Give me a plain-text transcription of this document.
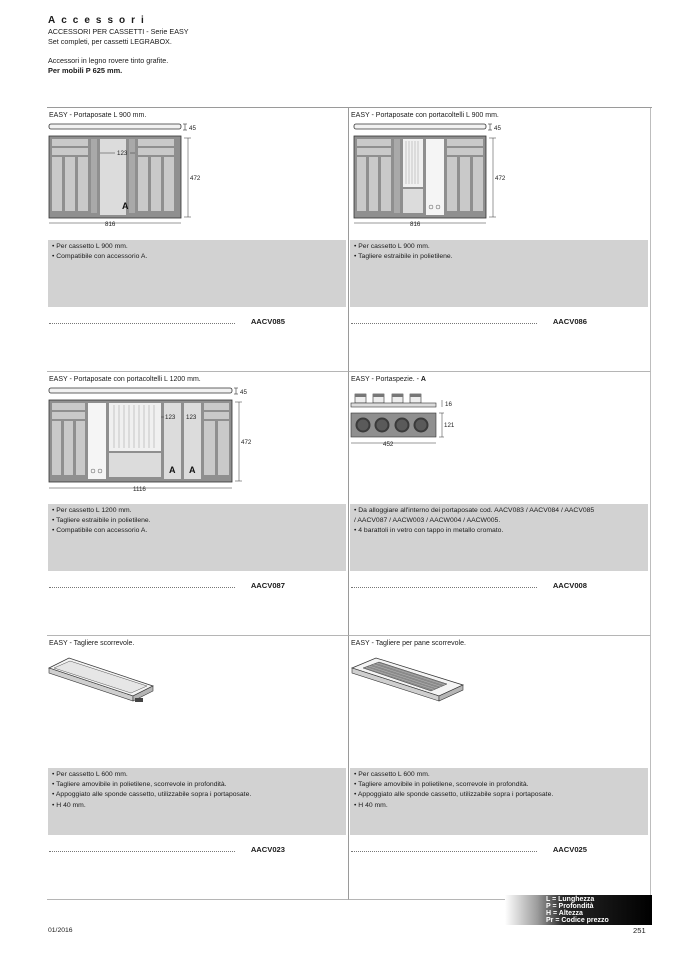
Accessori
ACCESSORI PER CASSETTI - Serie EASY
Set completi, per cassetti LEGRABOX.
Accessori in legno rovere tinto grafite.
Per mobili P 625 mm.
EASY - Portaposate L 900 mm.
45
123
A
472
816
• Per cassetto L 900 mm.
• Compatibile con accessorio A.
AACV085
EASY - Portaposate con portacoltelli L 900 mm.
45
472
816
• Per cassetto L 900 mm.
• Tagliere estraibile in polietilene.
AACV086
EASY - Portaposate con portacoltelli L 1200 mm.
45
123 123
A A
472
1116
• Per cassetto L 1200 mm.
• Tagliere estraibile in polietilene.
• Compatibile con accessorio A.
AACV087
EASY - Portaspezie. - A
16
121
452
• Da alloggiare all'interno dei portaposate cod. AACV083 / AACV084 / AACV085
/ AACV087 / AACW003 / AACW004 / AACW005.
• 4 barattoli in vetro con tappo in metallo cromato.
AACV008
EASY - Tagliere scorrevole.
• Per cassetto L 600 mm.
• Tagliere amovibile in polietilene, scorrevole in profondità.
• Appoggiato alle sponde cassetto, utilizzabile sopra i portaposate.
• H 40 mm.
AACV023
EASY - Tagliere per pane scorrevole.
• Per cassetto L 600 mm.
• Tagliere amovibile in polietilene, scorrevole in profondità.
• Appoggiato alle sponde cassetto, utilizzabile sopra i portaposate.
• H 40 mm.
AACV025
L = Lunghezza
P = Profondità
H = Altezza
Pr = Codice prezzo
01/2016	251
